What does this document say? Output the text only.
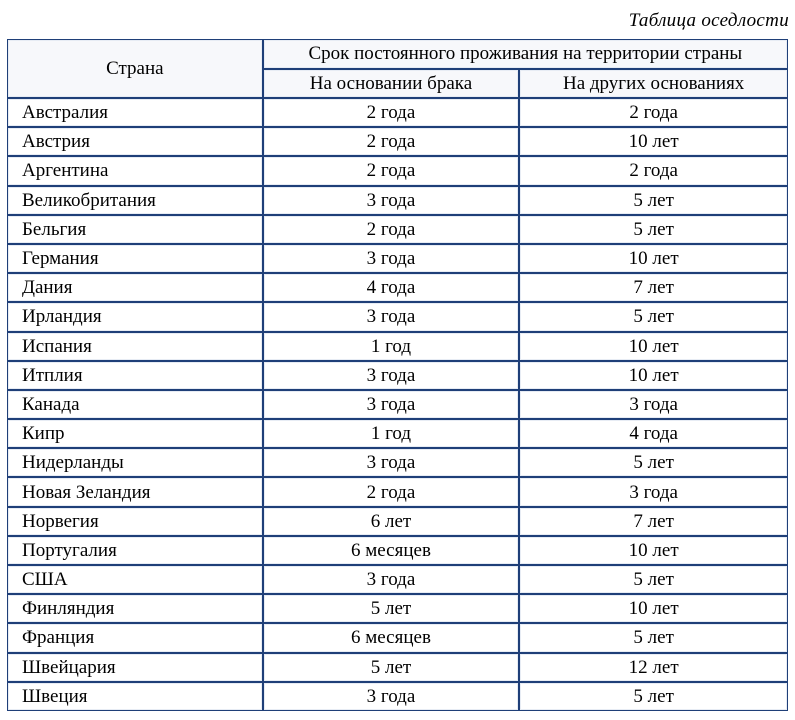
Таблица оседлости
Страна	Срок постоянного проживания на территории страны	
	На основании брака	На других основаниях
Австралия	2 года	2 года
Австрия	2 года	10 лет
Аргентина	2 года	2 года
Великобритания	3 года	5 лет
Бельгия	2 года	5 лет
Германия	3 года	10 лет
Дания	4 года	7 лет
Ирландия	3 года	5 лет
Испания	1 год	10 лет
Итплия	3 года	10 лет
Канада	3 года	3 года
Кипр	1 год	4 года
Нидерланды	3 года	5 лет
Новая Зеландия	2 года	3 года
Норвегия	6 лет	7 лет
Португалия	6 месяцев	10 лет
США	3 года	5 лет
Финляндия	5 лет	10 лет
Франция	6 месяцев	5 лет
Швейцария	5 лет	12 лет
Швеция	3 года	5 лет
